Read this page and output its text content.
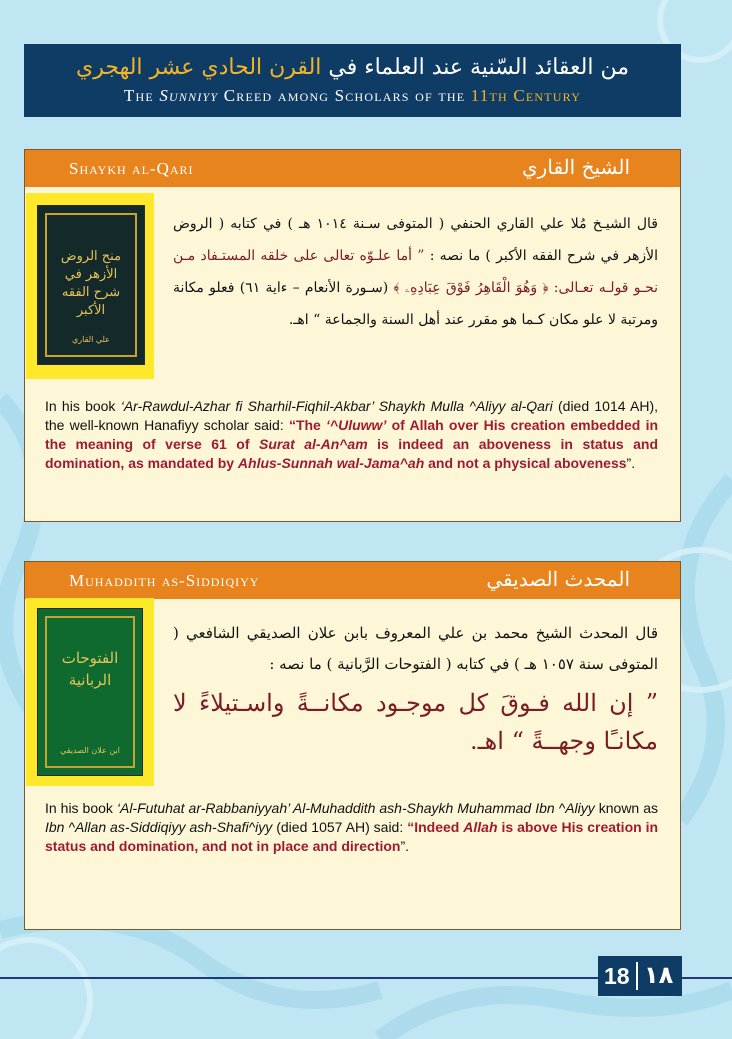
من العقائد السّنية عند العلماء في القرن الحادي عشر الهجري
The Sunniyy Creed among Scholars of the 11th Century
Shaykh al-Qari	الشيخ القاري
منح الروض الأزهر في شرح الفقه الأكبر
علي القاري
قال الشيـخ مُلا علي القاري الحنفي ( المتوفى سـنة ١٠١٤ هـ ) في كتابه ( الروض الأزهر في شرح الفقه الأكبر ) ما نصه : ” أما علـوّه تعالى على خلقه المستـفاد مـن نحـو قولـه تعـالى: ﴿ وَهُوَ الْقَاهِرُ فَوْقَ عِبَادِهِۦ ﴾ (سـورة الأنعام – ءاية ٦١) فعلو مكانة ومرتبة لا علو مكان كـما هو مقرر عند أهل السنة والجماعة “ اهـ.
In his book ‘Ar-Rawdul-Azhar fi Sharhil-Fiqhil-Akbar’ Shaykh Mulla ^Aliyy al-Qari (died 1014 AH), the well-known Hanafiyy scholar said: “The ‘^Uluww’ of Allah over His creation embedded in the meaning of verse 61 of Surat al-An^am is indeed an aboveness in status and domination, as mandated by Ahlus-Sunnah wal-Jama^ah and not a physical aboveness”.
Muhaddith as-Siddiqiyy	المحدث الصديقي
الفتوحات الربانية
ابن علان الصديقي
قال المحدث الشيخ محمد بن علي المعروف بابن علان الصديقي الشافعي ( المتوفى سنة ١٠٥٧ هـ ) في كتابه ( الفتوحات الرَّبانية ) ما نصه :
” إن الله فـوقَ كل موجـود مكانــةً واسـتيلاءً لا مكانـًا وجهــةً “ اهـ.
In his book ‘Al-Futuhat ar-Rabbaniyyah’ Al-Muhaddith ash-Shaykh Muhammad Ibn ^Aliyy known as Ibn ^Allan as-Siddiqiyy ash-Shafi^iyy (died 1057 AH) said: “Indeed Allah is above His creation in status and domination, and not in place and direction”.
18 ١٨
